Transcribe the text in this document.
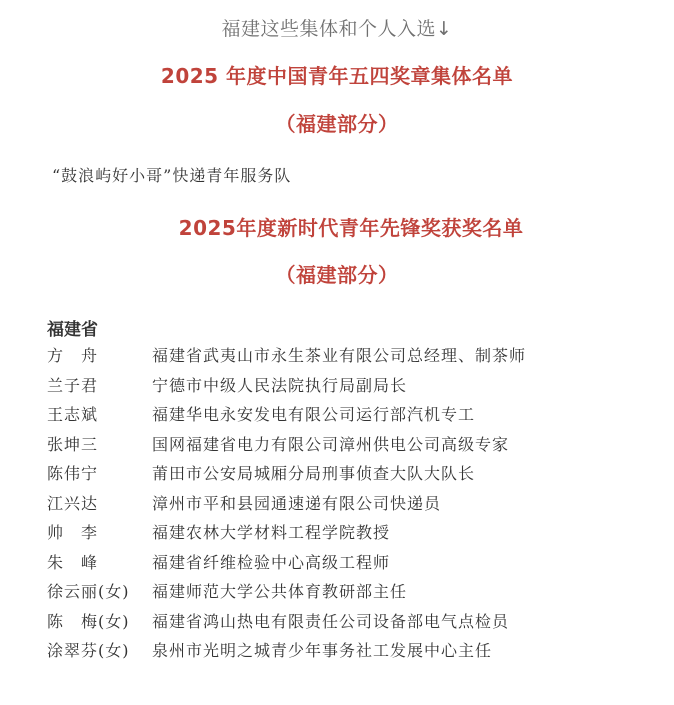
福建这些集体和个人入选↓
2025 年度中国青年五四奖章集体名单
（福建部分）
“鼓浪屿好小哥”快递青年服务队
2025年度新时代青年先锋奖获奖名单
（福建部分）
福建省
方　舟	福建省武夷山市永生茶业有限公司总经理、制茶师
兰子君	宁德市中级人民法院执行局副局长
王志斌	福建华电永安发电有限公司运行部汽机专工
张坤三	国网福建省电力有限公司漳州供电公司高级专家
陈伟宁	莆田市公安局城厢分局刑事侦查大队大队长
江兴达	漳州市平和县园通速递有限公司快递员
帅　李	福建农林大学材料工程学院教授
朱　峰	福建省纤维检验中心高级工程师
徐云丽(女)	福建师范大学公共体育教研部主任
陈　梅(女)	福建省鸿山热电有限责任公司设备部电气点检员
涂翠芬(女)	泉州市光明之城青少年事务社工发展中心主任
